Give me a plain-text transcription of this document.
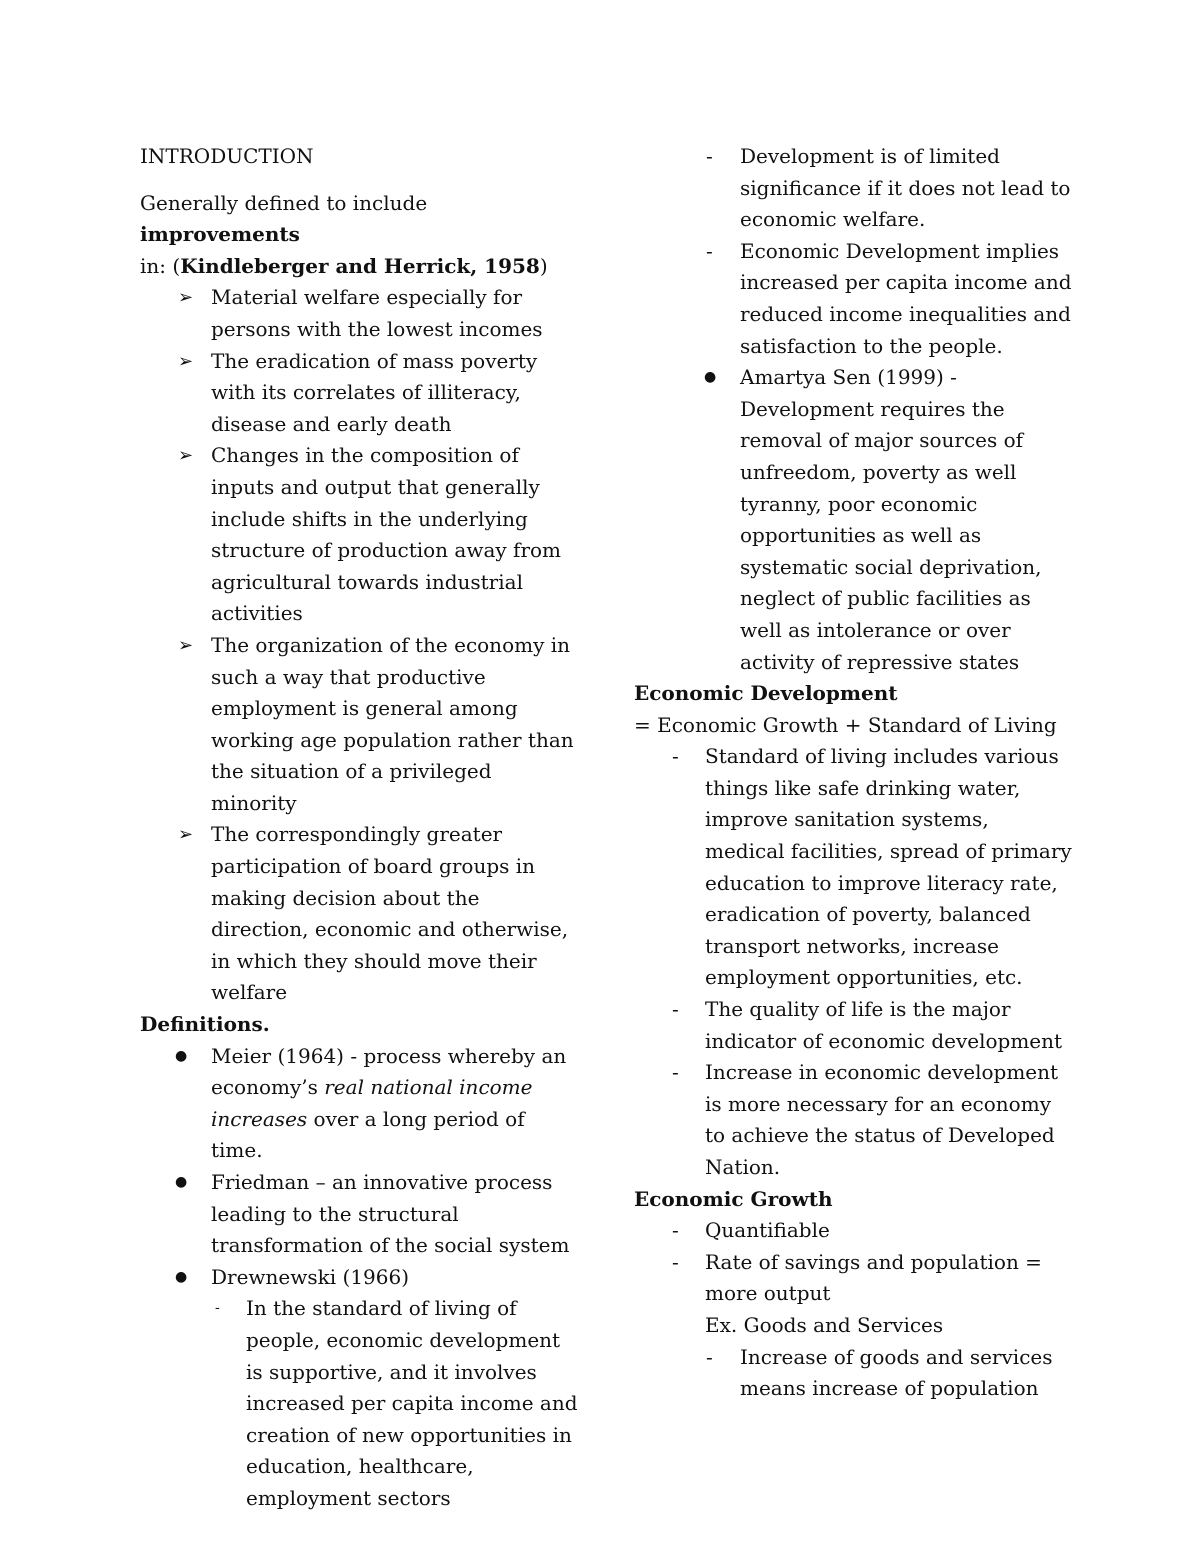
INTRODUCTION

Generally defined to include improvements
in: (Kindleberger and Herrick, 1958)

➢ Material welfare especially for persons with the lowest incomes
➢ The eradication of mass poverty with its correlates of illiteracy, disease and early death
➢ Changes in the composition of inputs and output that generally include shifts in the underlying structure of production away from agricultural towards industrial activities
➢ The organization of the economy in such a way that productive employment is general among working age population rather than the situation of a privileged minority
➢ The correspondingly greater participation of board groups in making decision about the direction, economic and otherwise, in which they should move their welfare

Definitions.

● Meier (1964) - process whereby an economy’s real national income increases over a long period of time.
● Friedman – an innovative process leading to the structural transformation of the social system
● Drewnewski (1966)
- In the standard of living of people, economic development is supportive, and it involves increased per capita income and creation of new opportunities in education, healthcare, employment sectors
- Development is of limited significance if it does not lead to economic welfare.
- Economic Development implies increased per capita income and reduced income inequalities and satisfaction to the people.
● Amartya Sen (1999) -
Development requires the removal of major sources of unfreedom, poverty as well tyranny, poor economic opportunities as well as systematic social deprivation, neglect of public facilities as well as intolerance or over activity of repressive states

Economic Development

= Economic Growth + Standard of Living

- Standard of living includes various things like safe drinking water, improve sanitation systems, medical facilities, spread of primary education to improve literacy rate, eradication of poverty, balanced transport networks, increase employment opportunities, etc.
- The quality of life is the major indicator of economic development
- Increase in economic development is more necessary for an economy to achieve the status of Developed Nation.

Economic Growth

- Quantifiable
- Rate of savings and population = more output

Ex. Goods and Services

- Increase of goods and services means increase of population
